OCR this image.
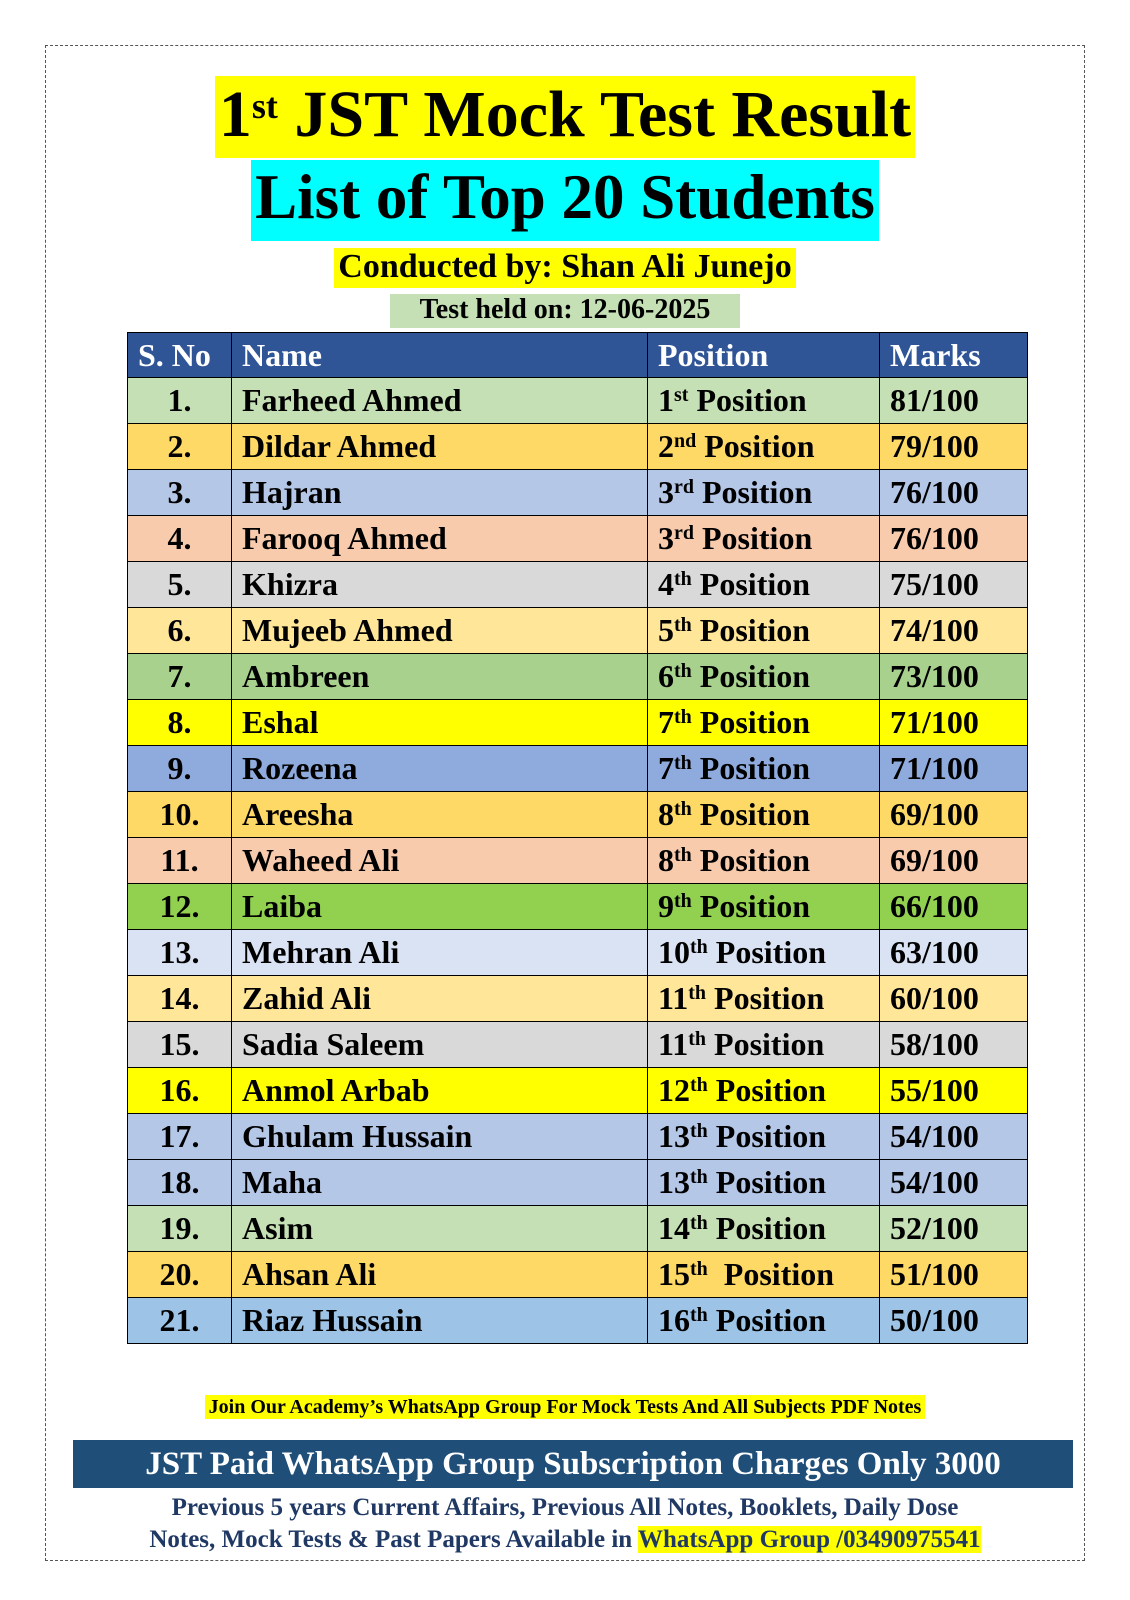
1st JST Mock Test Result
List of Top 20 Students
Conducted by: Shan Ali Junejo
Test held on: 12-06-2025
S. No	Name	Position	Marks
1.	Farheed Ahmed	1st Position	81/100
2.	Dildar Ahmed	2nd Position	79/100
3.	Hajran	3rd Position	76/100
4.	Farooq Ahmed	3rd Position	76/100
5.	Khizra	4th Position	75/100
6.	Mujeeb Ahmed	5th Position	74/100
7.	Ambreen	6th Position	73/100
8.	Eshal	7th Position	71/100
9.	Rozeena	7th Position	71/100
10.	Areesha	8th Position	69/100
11.	Waheed Ali	8th Position	69/100
12.	Laiba	9th Position	66/100
13.	Mehran Ali	10th Position	63/100
14.	Zahid Ali	11th Position	60/100
15.	Sadia Saleem	11th Position	58/100
16.	Anmol Arbab	12th Position	55/100
17.	Ghulam Hussain	13th Position	54/100
18.	Maha	13th Position	54/100
19.	Asim	14th Position	52/100
20.	Ahsan Ali	15th Position	51/100
21.	Riaz Hussain	16th Position	50/100
Join Our Academy’s WhatsApp Group For Mock Tests And All Subjects PDF Notes
JST Paid WhatsApp Group Subscription Charges Only 3000
Previous 5 years Current Affairs, Previous All Notes, Booklets, Daily Dose
Notes, Mock Tests & Past Papers Available in WhatsApp Group /03490975541
